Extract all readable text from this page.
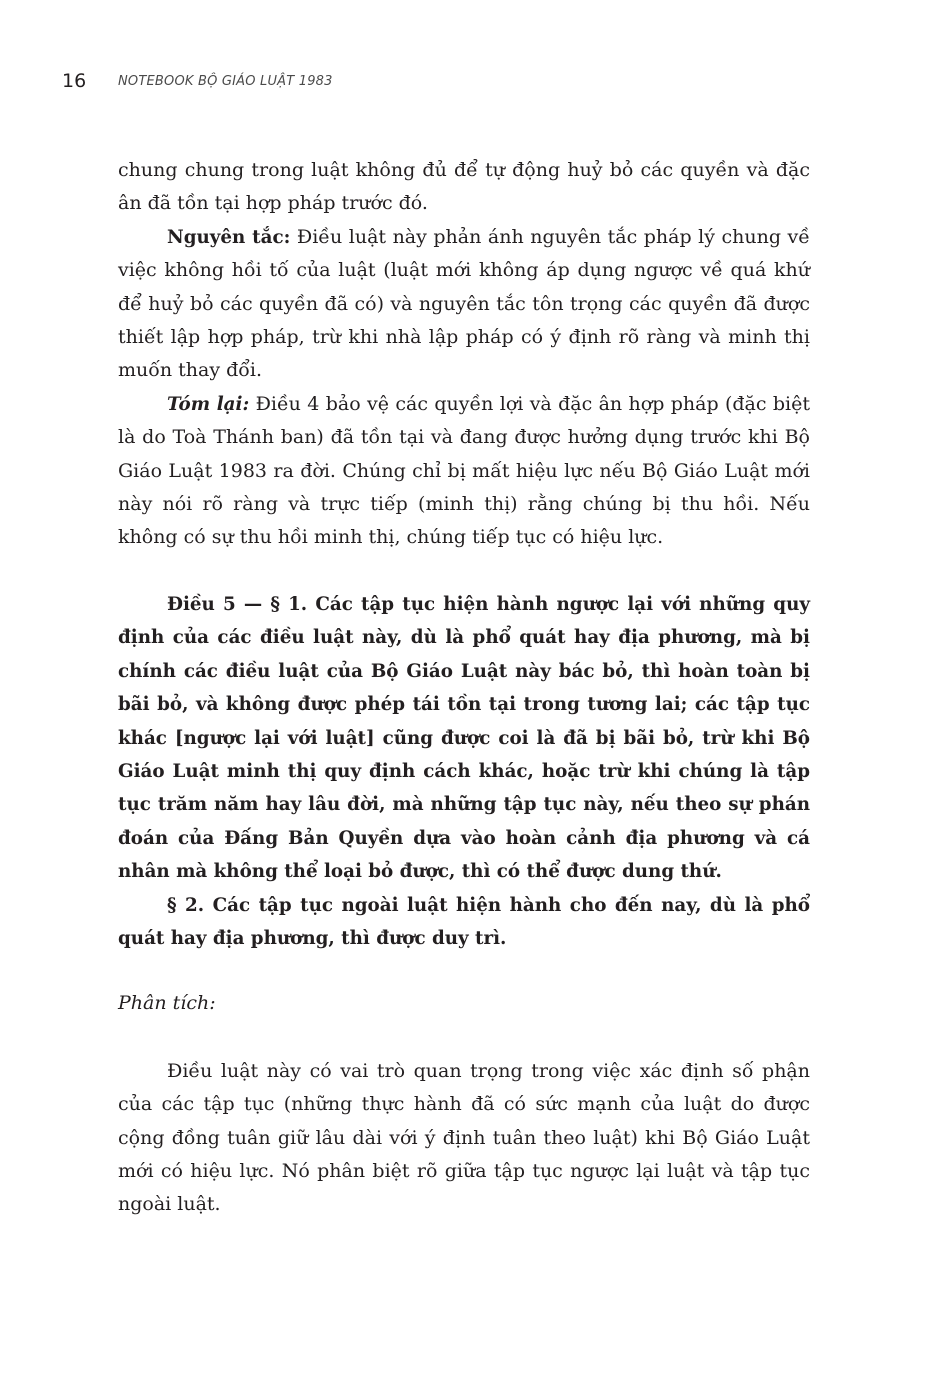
16	NOTEBOOK BỘ GIÁO LUẬT 1983

chung chung trong luật không đủ để tự động huỷ bỏ các quyền và đặc ân đã tồn tại hợp pháp trước đó.

Nguyên tắc: Điều luật này phản ánh nguyên tắc pháp lý chung về việc không hồi tố của luật (luật mới không áp dụng ngược về quá khứ để huỷ bỏ các quyền đã có) và nguyên tắc tôn trọng các quyền đã được thiết lập hợp pháp, trừ khi nhà lập pháp có ý định rõ ràng và minh thị muốn thay đổi.

Tóm lại: Điều 4 bảo vệ các quyền lợi và đặc ân hợp pháp (đặc biệt là do Toà Thánh ban) đã tồn tại và đang được hưởng dụng trước khi Bộ Giáo Luật 1983 ra đời. Chúng chỉ bị mất hiệu lực nếu Bộ Giáo Luật mới này nói rõ ràng và trực tiếp (minh thị) rằng chúng bị thu hồi. Nếu không có sự thu hồi minh thị, chúng tiếp tục có hiệu lực.

Điều 5 — § 1. Các tập tục hiện hành ngược lại với những quy định của các điều luật này, dù là phổ quát hay địa phương, mà bị chính các điều luật của Bộ Giáo Luật này bác bỏ, thì hoàn toàn bị bãi bỏ, và không được phép tái tồn tại trong tương lai; các tập tục khác [ngược lại với luật] cũng được coi là đã bị bãi bỏ, trừ khi Bộ Giáo Luật minh thị quy định cách khác, hoặc trừ khi chúng là tập tục trăm năm hay lâu đời, mà những tập tục này, nếu theo sự phán đoán của Đấng Bản Quyền dựa vào hoàn cảnh địa phương và cá nhân mà không thể loại bỏ được, thì có thể được dung thứ.

§ 2. Các tập tục ngoài luật hiện hành cho đến nay, dù là phổ quát hay địa phương, thì được duy trì.

Phân tích:

Điều luật này có vai trò quan trọng trong việc xác định số phận của các tập tục (những thực hành đã có sức mạnh của luật do được cộng đồng tuân giữ lâu dài với ý định tuân theo luật) khi Bộ Giáo Luật mới có hiệu lực. Nó phân biệt rõ giữa tập tục ngược lại luật và tập tục ngoài luật.
